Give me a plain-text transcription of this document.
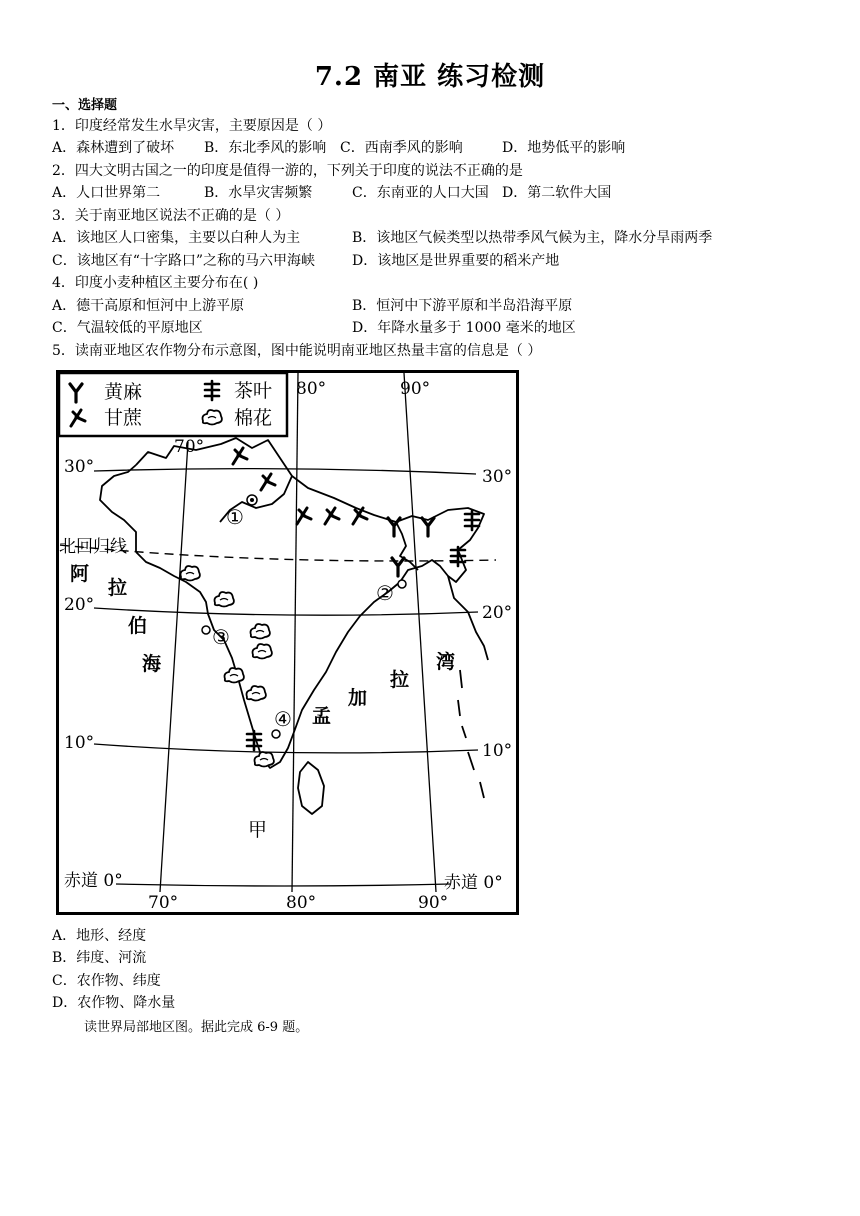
7.2 南亚 练习检测
一、选择题
1．印度经常发生水旱灾害，主要原因是（ ）
A．森林遭到了破坏 B．东北季风的影响 C．西南季风的影响	D．地势低平的影响
2．四大文明古国之一的印度是值得一游的，下列关于印度的说法不正确的是
A．人口世界第二	B．水旱灾害频繁	C．东南亚的人口大国 D．第二软件大国
3．关于南亚地区说法不正确的是（ ）
A．该地区人口密集，主要以白种人为主	B．该地区气候类型以热带季风气候为主，降水分旱雨两季
C．该地区有“十字路口”之称的马六甲海峡	D．该地区是世界重要的稻米产地
4．印度小麦种植区主要分布在( )
A．德干高原和恒河中上游平原	B．恒河中下游平原和半岛沿海平原
C．气温较低的平原地区	D．年降水量多于 1000 毫米的地区
5．读南亚地区农作物分布示意图，图中能说明南亚地区热量丰富的信息是（ ）
黄麻	茶叶
甘蔗	棉花
①
②
③
④
80°	90°
70°
30°	30°
北回归线
20°	20°
10°	10°
赤道 0°	赤道 0°
70°	80°	90°
阿
拉
伯
海
孟
加
拉
湾
甲
A．地形、经度
B．纬度、河流
C．农作物、纬度
D．农作物、降水量
读世界局部地区图。据此完成 6-9 题。
